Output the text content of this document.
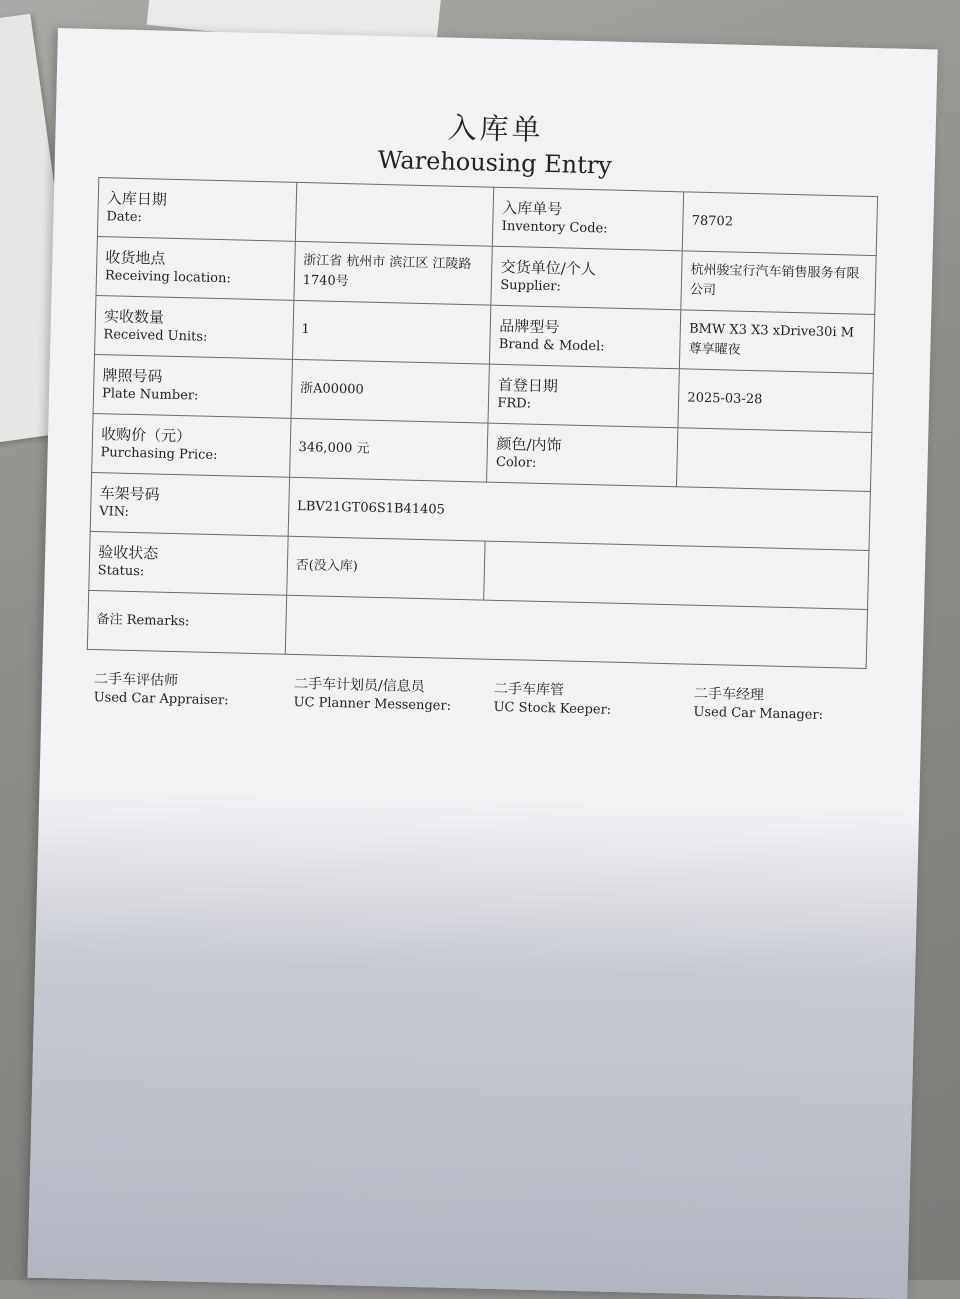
入库单
Warehousing Entry
入库日期
Date:		入库单号
Inventory Code:	78702

收货地点
Receiving location:	浙江省 杭州市 滨江区 江陵路1740号	交货单位/个人
Supplier:	杭州骏宝行汽车销售服务有限公司

实收数量
Received Units:	1	品牌型号
Brand & Model:	BMW X3 X3 xDrive30i M尊享曜夜

牌照号码
Plate Number:	浙A00000	首登日期
FRD:	2025-03-28

收购价（元）
Purchasing Price:	346,000 元	颜色/内饰
Color:	

车架号码
VIN:	LBV21GT06S1B41405		

验收状态
Status:	否(没入库)		

备注 Remarks:			

二手车评估师
Used Car Appraiser:
二手车计划员/信息员
UC Planner Messenger:
二手车库管
UC Stock Keeper:
二手车经理
Used Car Manager:
